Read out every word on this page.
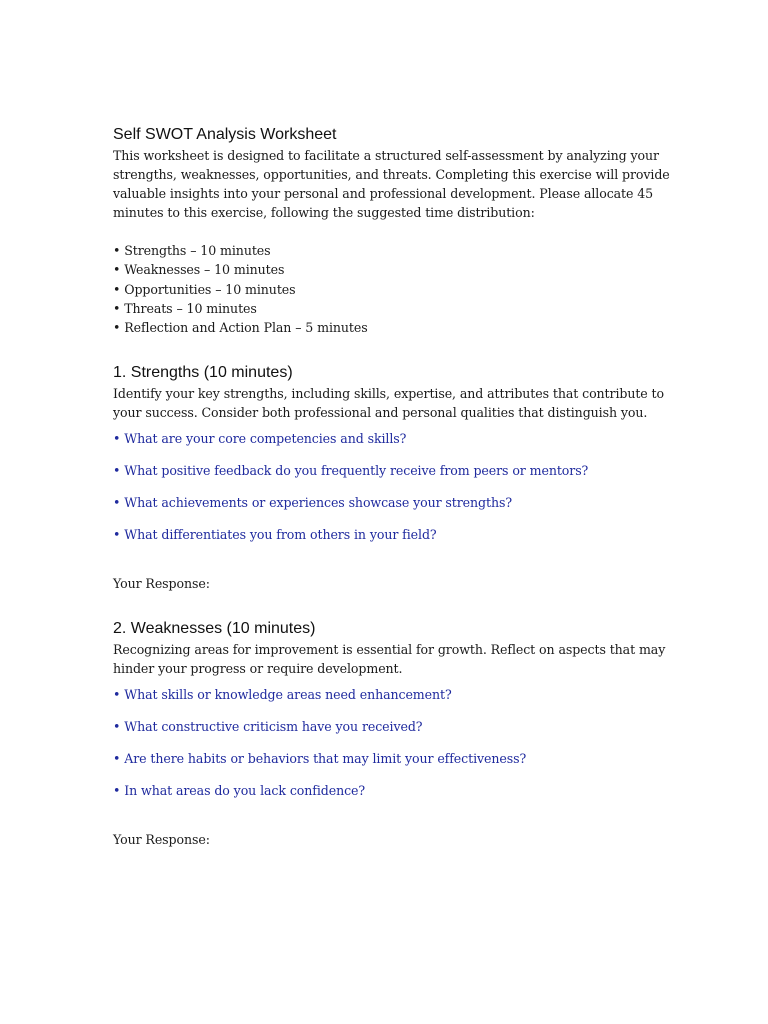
Self SWOT Analysis Worksheet

This worksheet is designed to facilitate a structured self-assessment by analyzing your strengths, weaknesses, opportunities, and threats. Completing this exercise will provide valuable insights into your personal and professional development. Please allocate 45 minutes to this exercise, following the suggested time distribution:

• Strengths – 10 minutes
• Weaknesses – 10 minutes
• Opportunities – 10 minutes
• Threats – 10 minutes
• Reflection and Action Plan – 5 minutes
1. Strengths (10 minutes)

Identify your key strengths, including skills, expertise, and attributes that contribute to your success. Consider both professional and personal qualities that distinguish you.

• What are your core competencies and skills?
• What positive feedback do you frequently receive from peers or mentors?
• What achievements or experiences showcase your strengths?
• What differentiates you from others in your field?

Your Response:

2. Weaknesses (10 minutes)

Recognizing areas for improvement is essential for growth. Reflect on aspects that may hinder your progress or require development.

• What skills or knowledge areas need enhancement?
• What constructive criticism have you received?
• Are there habits or behaviors that may limit your effectiveness?
• In what areas do you lack confidence?

Your Response:
